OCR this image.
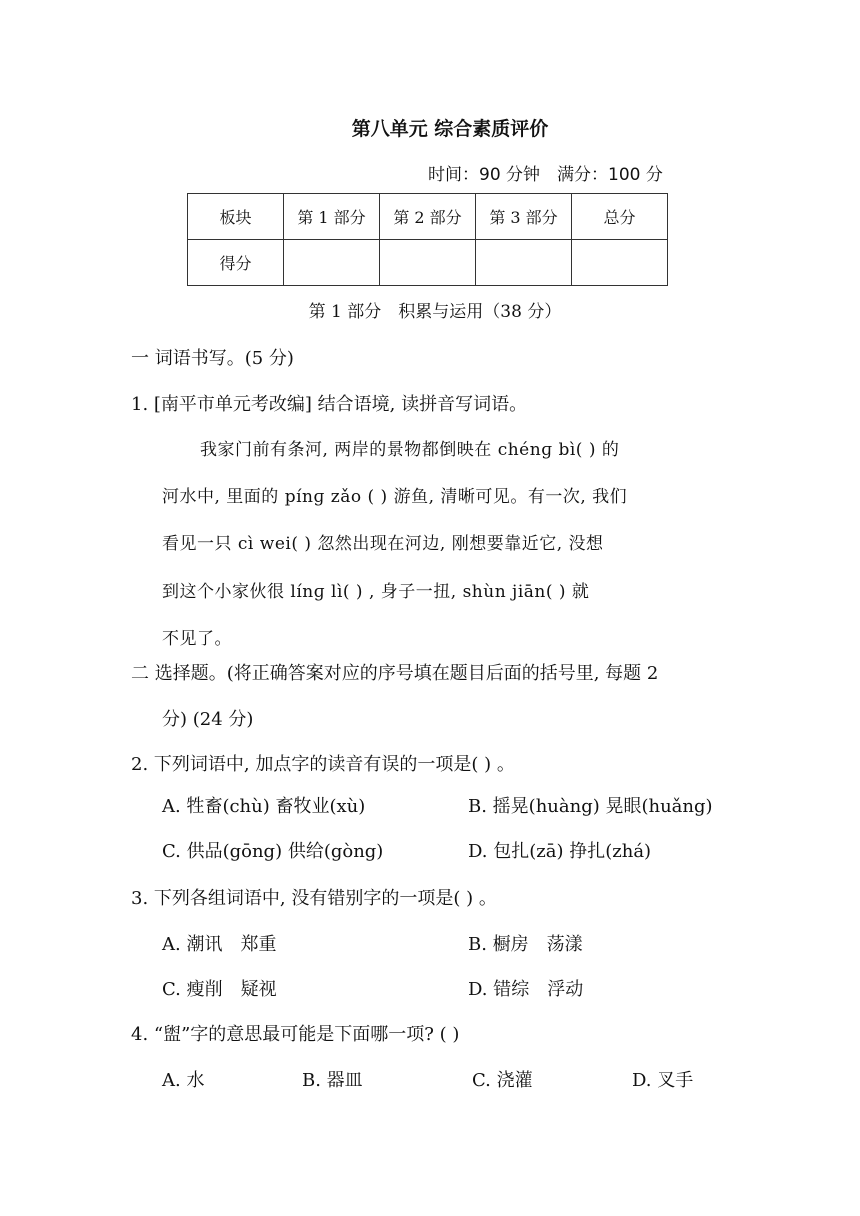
第八单元 综合素质评价
时间：90 分钟　满分：100 分
板块	第 1 部分	第 2 部分	第 3 部分	总分
得分				
第 1 部分　积累与运用（38 分）
一 词语书写。(5 分)
1. [南平市单元考改编] 结合语境, 读拼音写词语。
我家门前有条河, 两岸的景物都倒映在 chénɡ bì( ) 的
河水中, 里面的 pínɡ zǎo ( ) 游鱼, 清晰可见。有一次, 我们
看见一只 cì wei( ) 忽然出现在河边, 刚想要靠近它, 没想
到这个小家伙很 línɡ lì( ) , 身子一扭, shùn jiān( ) 就
不见了。
二 选择题。(将正确答案对应的序号填在题目后面的括号里, 每题 2
分) (24 分)
2. 下列词语中, 加点字的读音有误的一项是( ) 。
A. 牲畜(chù) 畜牧业(xù)	B. 摇晃(huàng) 晃眼(huǎng)
C. 供品(gōng) 供给(gòng)	D. 包扎(zā) 挣扎(zhá)
3. 下列各组词语中, 没有错别字的一项是( ) 。
A. 潮讯　郑重	B. 橱房　荡漾
C. 瘦削　疑视	D. 错综　浮动
4. “盥”字的意思最可能是下面哪一项? ( )
A. 水	B. 器皿	C. 浇灌	D. 叉手
